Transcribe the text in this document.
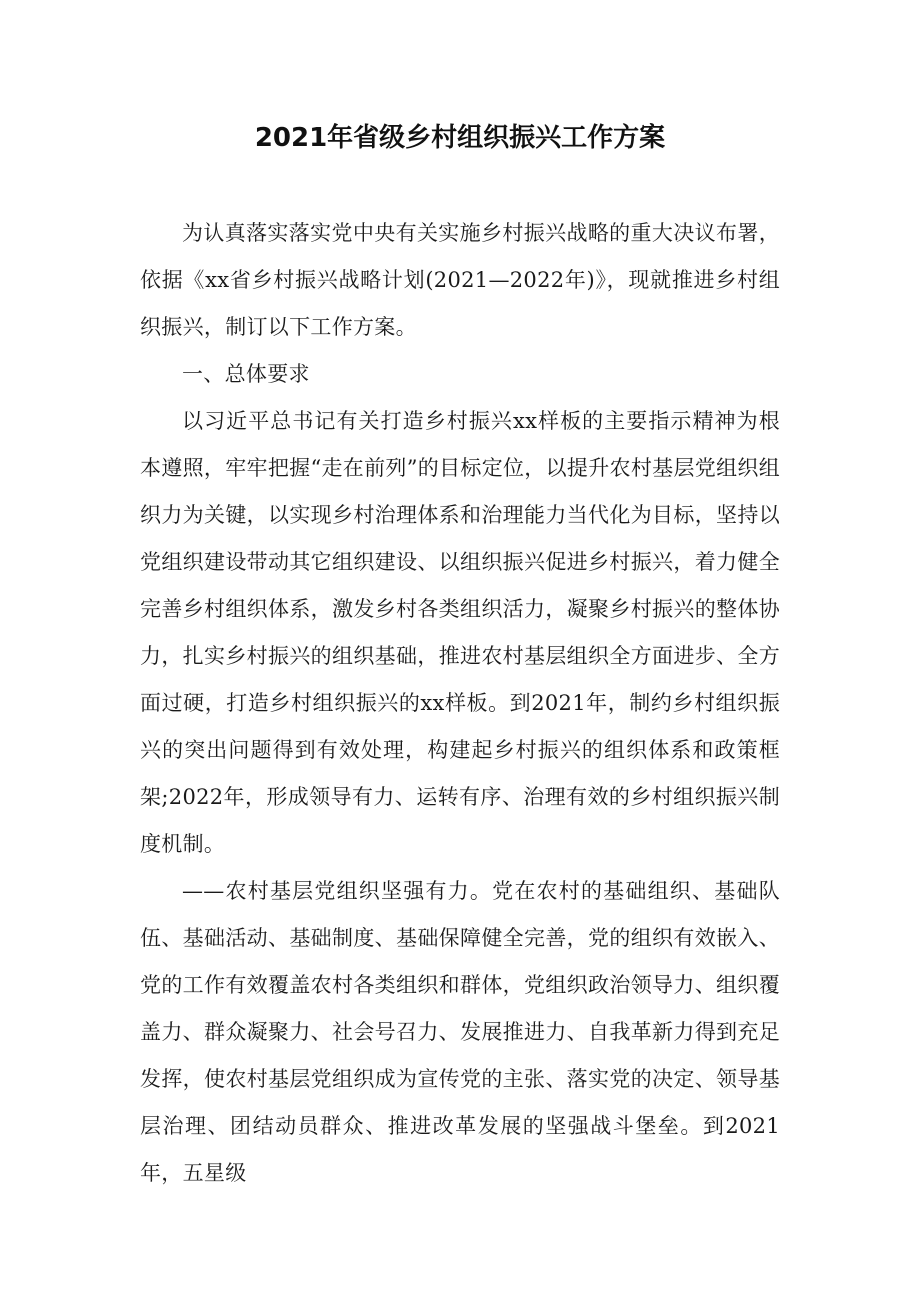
2021年省级乡村组织振兴工作方案

为认真落实落实党中央有关实施乡村振兴战略的重大决议布署，依据《xx省乡村振兴战略计划(2021—2022年)》，现就推进乡村组织振兴，制订以下工作方案。

一、总体要求

以习近平总书记有关打造乡村振兴xx样板的主要指示精神为根本遵照，牢牢把握“走在前列”的目标定位，以提升农村基层党组织组织力为关键，以实现乡村治理体系和治理能力当代化为目标，坚持以党组织建设带动其它组织建设、以组织振兴促进乡村振兴，着力健全完善乡村组织体系，激发乡村各类组织活力，凝聚乡村振兴的整体协力，扎实乡村振兴的组织基础，推进农村基层组织全方面进步、全方面过硬，打造乡村组织振兴的xx样板。到2021年，制约乡村组织振兴的突出问题得到有效处理，构建起乡村振兴的组织体系和政策框架;2022年，形成领导有力、运转有序、治理有效的乡村组织振兴制度机制。

——农村基层党组织坚强有力。党在农村的基础组织、基础队伍、基础活动、基础制度、基础保障健全完善，党的组织有效嵌入、党的工作有效覆盖农村各类组织和群体，党组织政治领导力、组织覆盖力、群众凝聚力、社会号召力、发展推进力、自我革新力得到充足发挥，使农村基层党组织成为宣传党的主张、落实党的决定、领导基层治理、团结动员群众、推进改革发展的坚强战斗堡垒。到2021年，五星级
